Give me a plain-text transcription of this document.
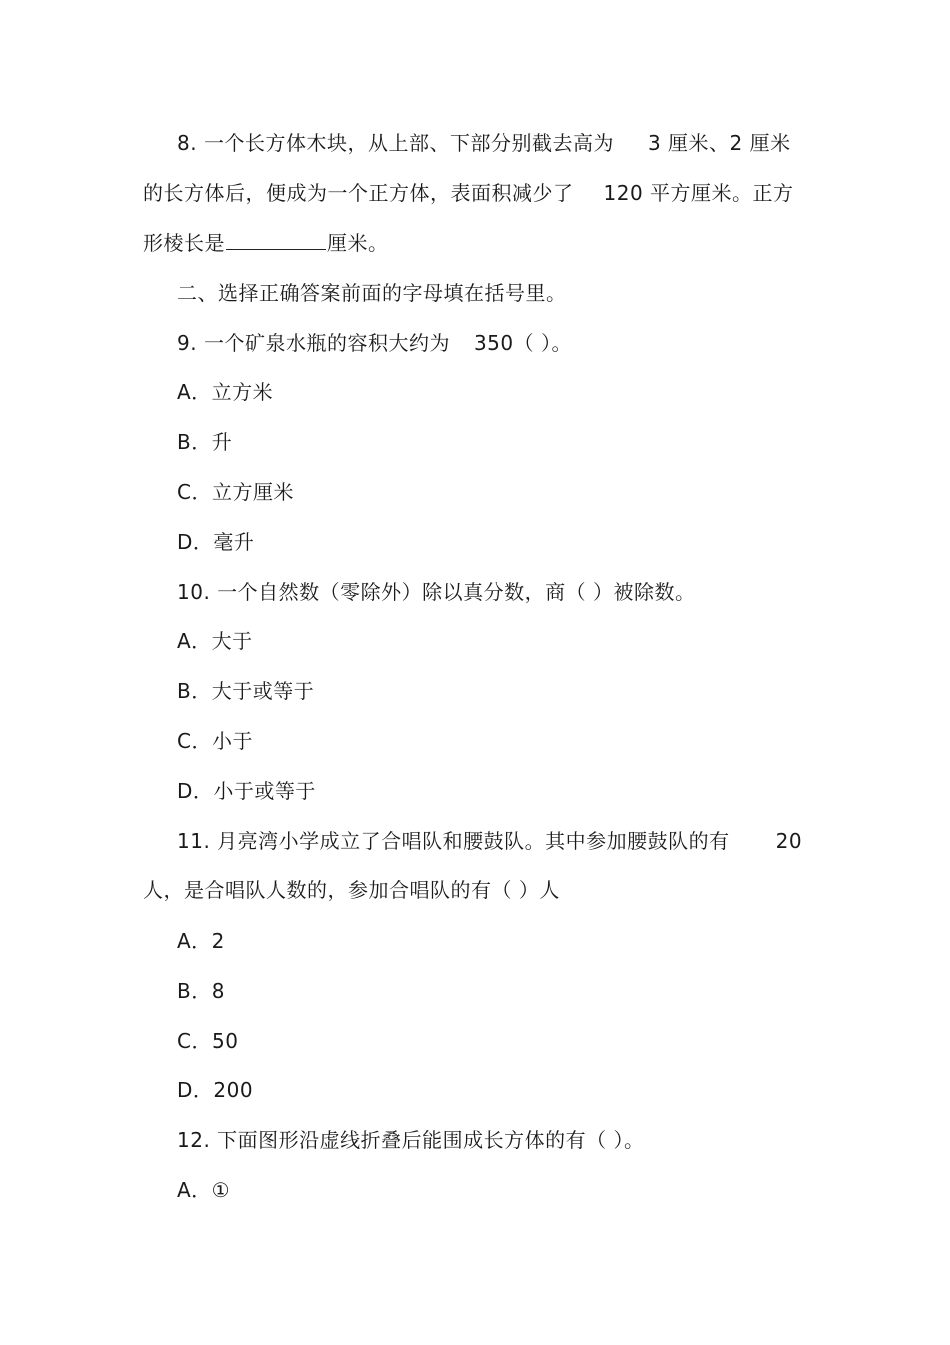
8. 一个长方体木块，从上部、下部分别截去高为 3 厘米、2 厘米
的长方体后，便成为一个正方体，表面积减少了 120 平方厘米。正方
形棱长是	厘米。
二、选择正确答案前面的字母填在括号里。
9. 一个矿泉水瓶的容积大约为 350（ ）。
A．立方米
B．升
C．立方厘米
D．毫升
10. 一个自然数（零除外）除以真分数，商（ ）被除数。
A．大于
B．大于或等于
C．小于
D．小于或等于
11. 月亮湾小学成立了合唱队和腰鼓队。其中参加腰鼓队的有 20
人，是合唱队人数的，参加合唱队的有（ ）人
A．2
B．8
C．50
D．200
12. 下面图形沿虚线折叠后能围成长方体的有（ ）。
A．①
